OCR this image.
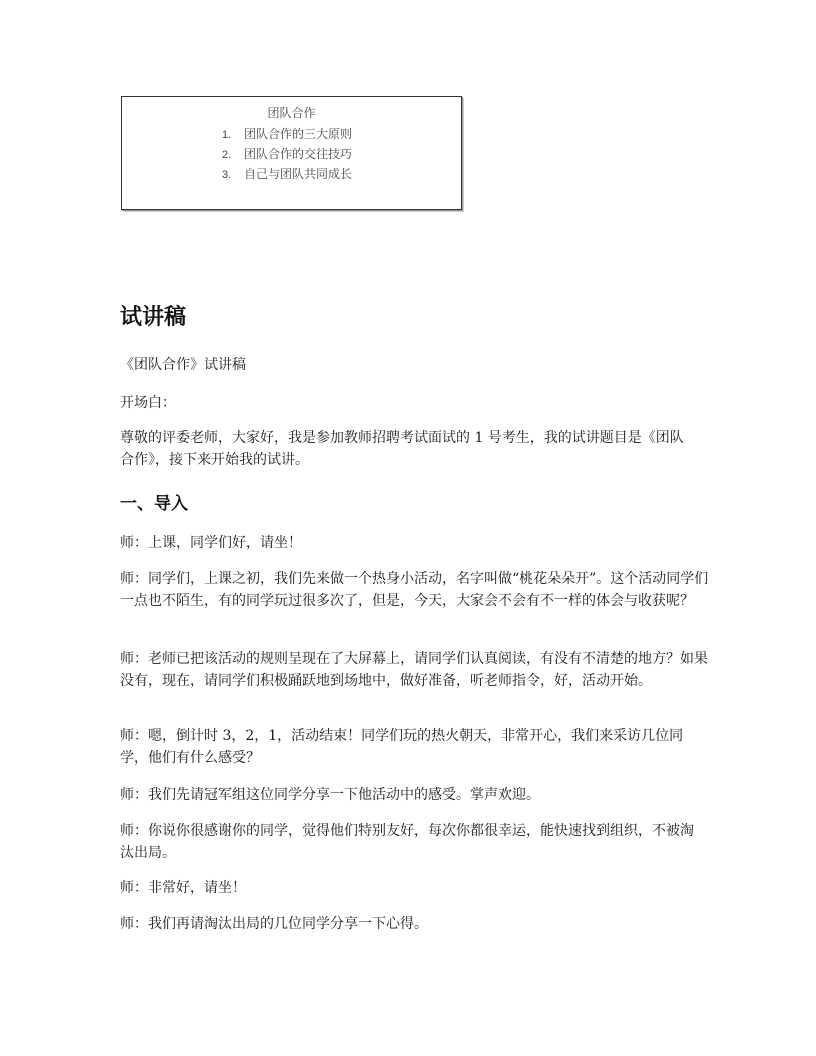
团队合作
1. 团队合作的三大原则
2. 团队合作的交往技巧
3. 自己与团队共同成长
试讲稿

《团队合作》试讲稿

开场白：

尊敬的评委老师，大家好，我是参加教师招聘考试面试的 1 号考生，我的试讲题目是《团队合作》，接下来开始我的试讲。

一、导入

师：上课，同学们好，请坐！

师：同学们，上课之初，我们先来做一个热身小活动，名字叫做“桃花朵朵开”。这个活动同学们一点也不陌生，有的同学玩过很多次了，但是，今天，大家会不会有不一样的体会与收获呢？

师：老师已把该活动的规则呈现在了大屏幕上，请同学们认真阅读，有没有不清楚的地方？如果没有，现在，请同学们积极踊跃地到场地中，做好准备，听老师指令，好，活动开始。

师：嗯，倒计时 3，2，1，活动结束！同学们玩的热火朝天，非常开心，我们来采访几位同学，他们有什么感受？

师：我们先请冠军组这位同学分享一下他活动中的感受。掌声欢迎。

师：你说你很感谢你的同学，觉得他们特别友好，每次你都很幸运，能快速找到组织，不被淘汰出局。

师：非常好，请坐！

师：我们再请淘汰出局的几位同学分享一下心得。
